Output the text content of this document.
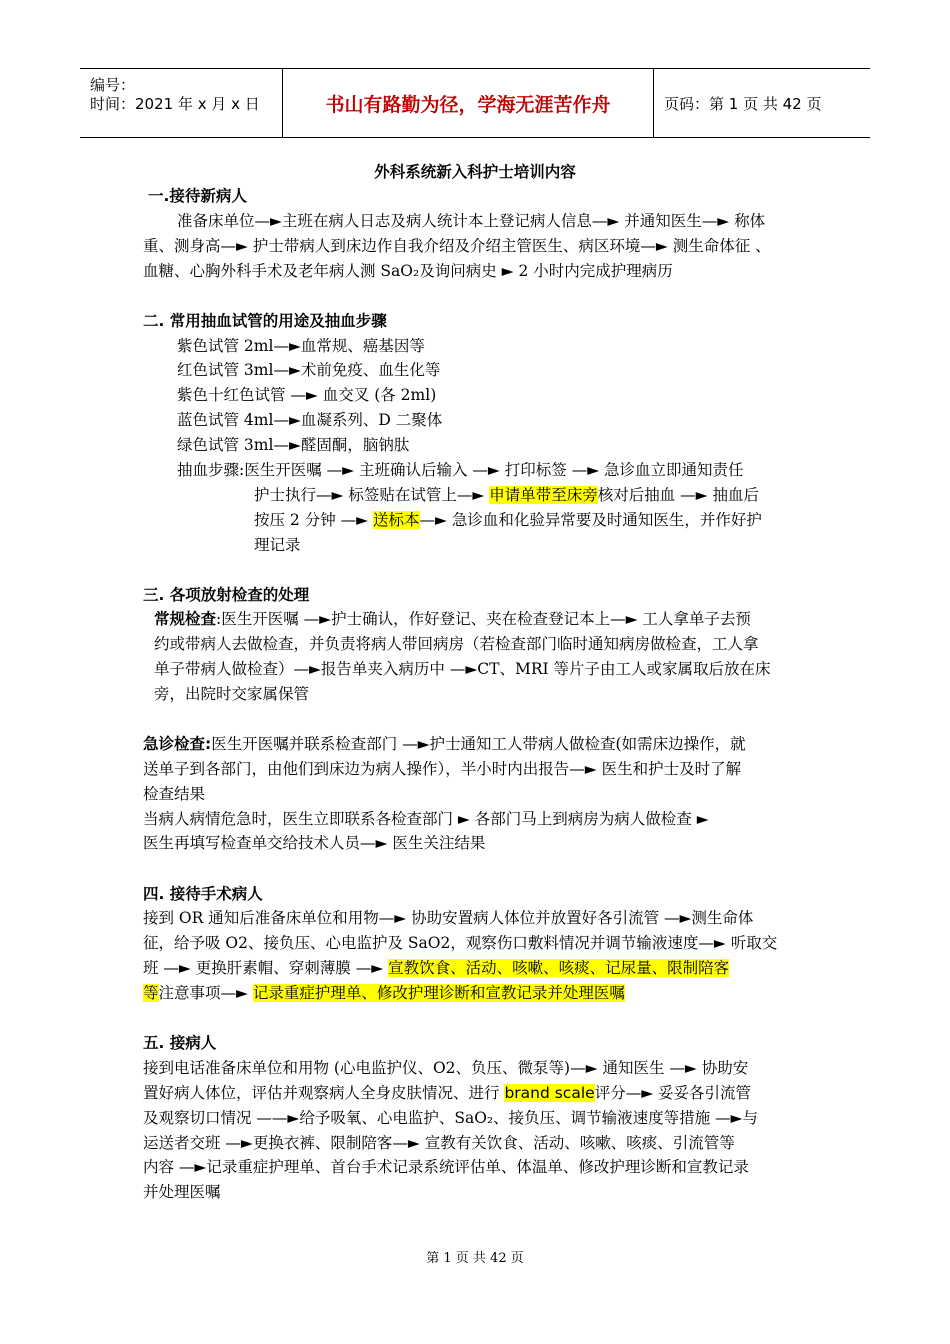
编号：
时间：2021 年 x 月 x 日	书山有路勤为径，学海无涯苦作舟	页码：第 1 页 共 42 页
外科系统新入科护士培训内容
一.接待新病人
准备床单位—►主班在病人日志及病人统计本上登记病人信息—► 并通知医生—► 称体
重、测身高—► 护士带病人到床边作自我介绍及介绍主管医生、病区环境—► 测生命体征 、
血糖、心胸外科手术及老年病人测 SaO₂及询问病史 ► 2 小时内完成护理病历
二. 常用抽血试管的用途及抽血步骤
紫色试管 2ml—►血常规、癌基因等
红色试管 3ml—►术前免疫、血生化等
紫色十红色试管 —► 血交叉 (各 2ml)
蓝色试管 4ml—►血凝系列、D 二聚体
绿色试管 3ml—►醛固酮，脑钠肽
抽血步骤:医生开医嘱 —► 主班确认后输入 —► 打印标签 —► 急诊血立即通知责任
护士执行—► 标签贴在试管上—► 申请单带至床旁核对后抽血 —► 抽血后
按压 2 分钟 —► 送标本—► 急诊血和化验异常要及时通知医生，并作好护
理记录
三. 各项放射检查的处理
常规检查:医生开医嘱 —►护士确认，作好登记、夹在检查登记本上—► 工人拿单子去预
约或带病人去做检查，并负责将病人带回病房（若检查部门临时通知病房做检查，工人拿
单子带病人做检查）—►报告单夹入病历中 —►CT、MRI 等片子由工人或家属取后放在床
旁，出院时交家属保管
急诊检查:医生开医嘱并联系检查部门 —►护士通知工人带病人做检查(如需床边操作，就
送单子到各部门，由他们到床边为病人操作），半小时内出报告—► 医生和护士及时了解
检查结果
当病人病情危急时，医生立即联系各检查部门 ► 各部门马上到病房为病人做检查 ►
医生再填写检查单交给技术人员—► 医生关注结果
四. 接待手术病人
接到 OR 通知后准备床单位和用物—► 协助安置病人体位并放置好各引流管 —►测生命体
征，给予吸 O2、接负压、心电监护及 SaO2，观察伤口敷料情况并调节输液速度—► 听取交
班 —► 更换肝素帽、穿刺薄膜 —► 宣教饮食、活动、咳嗽、咳痰、记尿量、限制陪客
等注意事项—► 记录重症护理单、修改护理诊断和宣教记录并处理医嘱
五. 接病人
接到电话准备床单位和用物 (心电监护仪、O2、负压、微泵等)—► 通知医生 —► 协助安
置好病人体位，评估并观察病人全身皮肤情况、进行 brand scale评分—► 妥妥各引流管
及观察切口情况 ——►给予吸氧、心电监护、SaO₂、接负压、调节输液速度等措施 —►与
运送者交班 —►更换衣裤、限制陪客—► 宣教有关饮食、活动、咳嗽、咳痰、引流管等
内容 —►记录重症护理单、首台手术记录系统评估单、体温单、修改护理诊断和宣教记录
并处理医嘱
第 1 页 共 42 页
